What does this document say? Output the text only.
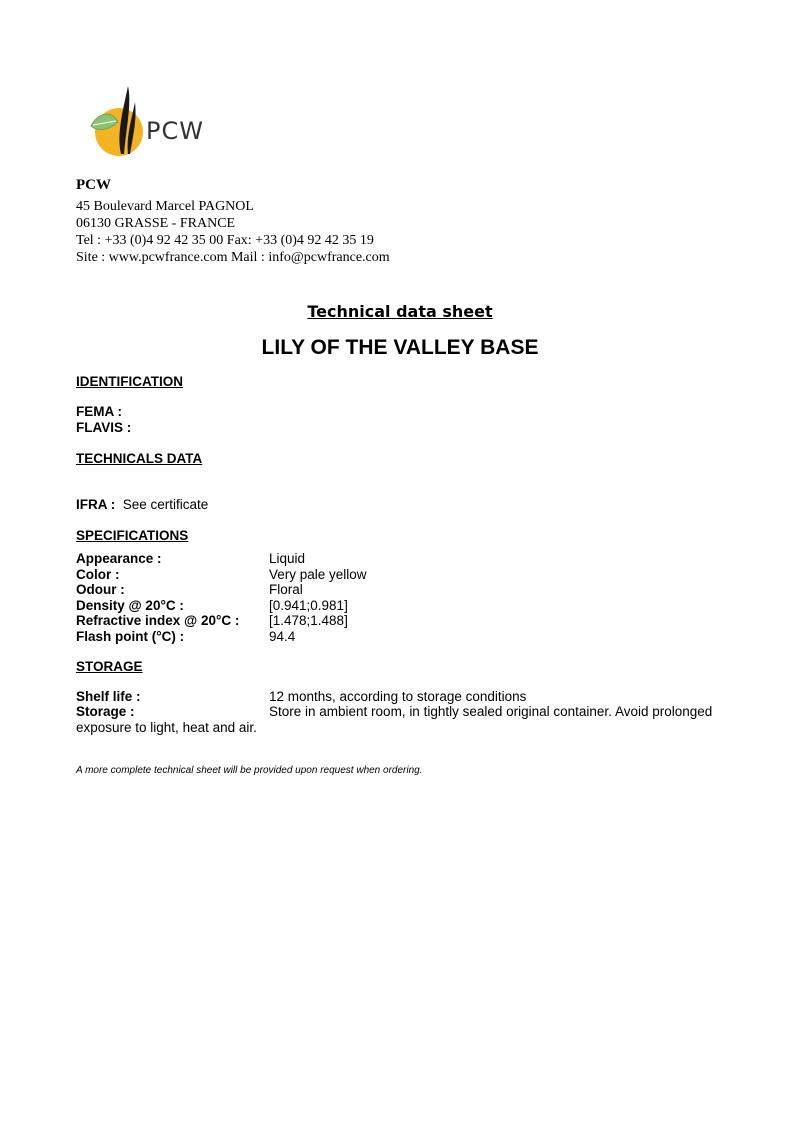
PCW
PCW
45 Boulevard Marcel PAGNOL
06130 GRASSE - FRANCE
Tel : +33 (0)4 92 42 35 00 Fax: +33 (0)4 92 42 35 19
Site : www.pcwfrance.com Mail : info@pcwfrance.com
Technical data sheet
LILY OF THE VALLEY BASE
IDENTIFICATION
FEMA :
FLAVIS :
TECHNICALS DATA
IFRA : See certificate
SPECIFICATIONS
Appearance :	Liquid
Color :	Very pale yellow
Odour :	Floral
Density @ 20°C :	[0.941;0.981]
Refractive index @ 20°C : [1.478;1.488]
Flash point (°C) :	94.4
STORAGE
Shelf life :	12 months, according to storage conditions
Storage :	Store in ambient room, in tightly sealed original container. Avoid prolonged exposure to light, heat and air.
A more complete technical sheet will be provided upon request when ordering.
